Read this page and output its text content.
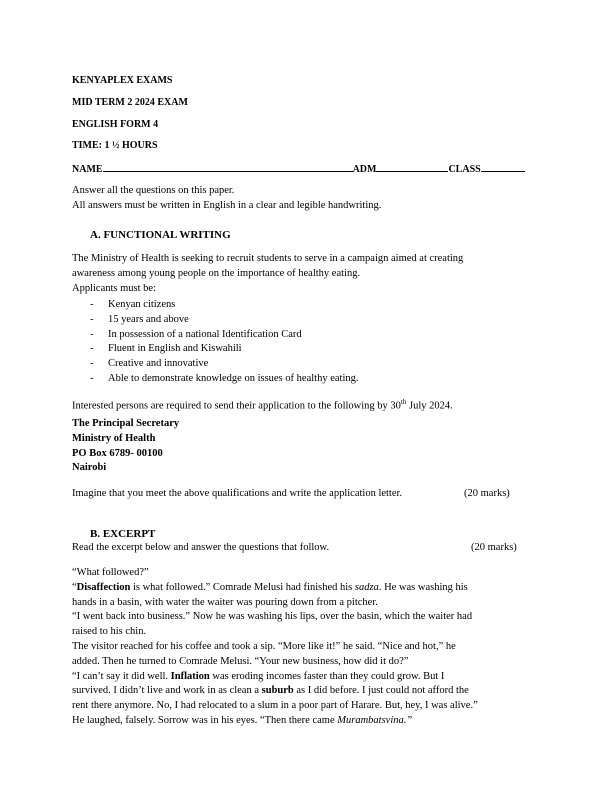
KENYAPLEX EXAMS
MID TERM 2 2024 EXAM
ENGLISH FORM 4
TIME: 1 ½ HOURS
NAME	ADM	CLASS
Answer all the questions on this paper.
All answers must be written in English in a clear and legible handwriting.
A. FUNCTIONAL WRITING
The Ministry of Health is seeking to recruit students to serve in a campaign aimed at creating
awareness among young people on the importance of healthy eating.
Applicants must be:
- Kenyan citizens
- 15 years and above
- In possession of a national Identification Card
- Fluent in English and Kiswahili
- Creative and innovative
- Able to demonstrate knowledge on issues of healthy eating.
Interested persons are required to send their application to the following by 30th July 2024.
The Principal Secretary
Ministry of Health
PO Box 6789- 00100
Nairobi
Imagine that you meet the above qualifications and write the application letter.	(20 marks)
B. EXCERPT
Read the excerpt below and answer the questions that follow.	(20 marks)
“What followed?”
“Disaffection is what followed.” Comrade Melusi had finished his sadza. He was washing his
hands in a basin, with water the waiter was pouring down from a pitcher.
“I went back into business.” Now he was washing his lips, over the basin, which the waiter had
raised to his chin.
The visitor reached for his coffee and took a sip. “More like it!” he said. “Nice and hot,” he
added. Then he turned to Comrade Melusi. “Your new business, how did it do?”
“I can’t say it did well. Inflation was eroding incomes faster than they could grow. But I
survived. I didn’t live and work in as clean a suburb as I did before. I just could not afford the
rent there anymore. No, I had relocated to a slum in a poor part of Harare. But, hey, I was alive.”
He laughed, falsely. Sorrow was in his eyes. “Then there came Murambatsvina.”
